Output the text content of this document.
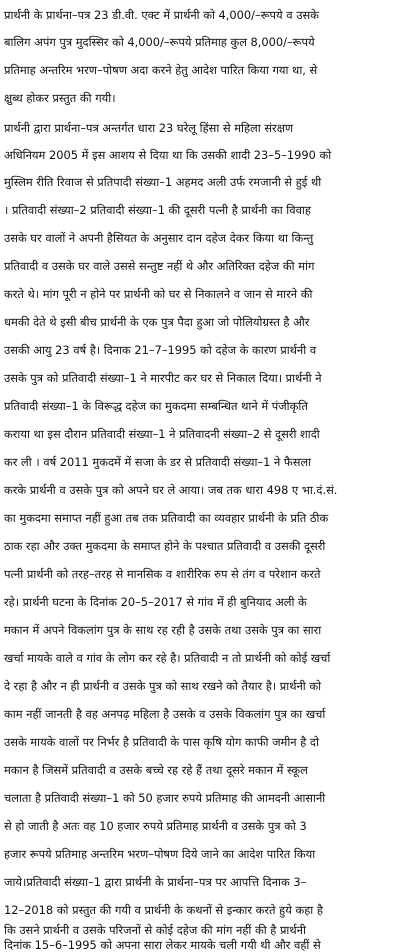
प्रार्थनी के प्रार्थना–पत्र 23 डी.वी. एक्ट में प्रार्थनी को 4,000/–रूपये व उसके
बालिग अपंग पुत्र मुदस्सिर को 4,000/–रूपये प्रतिमाह कुल 8,000/–रूपये
प्रतिमाह अन्तरिम भरण–पोषण अदा करने हेतु आदेश पारित किया गया था, से
क्षुब्ध होकर प्रस्तुत की गयी।
प्रार्थनी द्वारा प्रार्थना–पत्र अन्तर्गत धारा 23 घरेलू हिंसा से महिला संरक्षण
अधिनियम 2005 में इस आशय से दिया था कि उसकी शादी 23–5–1990 को
मुस्लिम रीति रिवाज से प्रतिपादी संख्या–1 अहमद अली उर्फ रमजानी से हुई थी
। प्रतिवादी संख्या–2 प्रतिवादी संख्या–1 की दूसरी पत्नी है प्रार्थनी का विवाह
उसके घर वालों ने अपनी हैसियत के अनुसार दान दहेज देकर किया था किन्तु
प्रतिवादी व उसके घर वाले उससे सन्तुष्ट नहीं थे और अतिरिक्त दहेज की मांग
करते थे। मांग पूरी न होने पर प्रार्थनी को घर से निकालने व जान से मारने की
धमकी देते थे इसी बीच प्रार्थनी के एक पुत्र पैदा हुआ जो पोलियोग्रस्त है और
उसकी आयु 23 वर्ष है। दिनाक 21–7–1995 को दहेज के कारण प्रार्थनी व
उसके पुत्र को प्रतिवादी संख्या–1 ने मारपीट कर घर से निकाल दिया। प्रार्थनी ने
प्रतिवादी संख्या–1 के विरूद्ध दहेज का मुकदमा सम्बन्धित थाने में पंजीकृति
कराया था इस दौरान प्रतिवादी संख्या–1 ने प्रतिवादनी संख्या–2 से दूसरी शादी
कर ली । वर्ष 2011 मुकदमें में सजा के डर से प्रतिवादी संख्या–1 ने फैसला
करके प्रार्थनी व उसके पुत्र को अपने घर ले आया। जब तक धारा 498 ए भा.दं.सं.
का मुकदमा समाप्त नहीं हुआ तब तक प्रतिवादी का व्यवहार प्रार्थनी के प्रति ठीक
ठाक रहा और उक्त मुकदमा के समाप्त होने के पश्चात प्रतिवादी व उसकी दूसरी
पत्नी प्रार्थनी को तरह–तरह से मानसिक व शारीरिक रुप से तंग व परेशान करते
रहे। प्रार्थनी घटना के दिनांक 20–5–2017 से गांव में ही बुनियाद अली के
मकान में अपने विकलांग पुत्र के साथ रह रही है उसके तथा उसके पुत्र का सारा
खर्चा मायके वाले व गांव के लोग कर रहे है। प्रतिवादी न तो प्रार्थनी को कोई खर्चा
दे रहा है और न ही प्रार्थनी व उसके पुत्र को साथ रखने को तैयार है। प्रार्थनी को
काम नहीं जानती है वह अनपढ़ महिला है उसके व उसके विकलांग पुत्र का खर्चा
उसके मायके वालों पर निर्भर है प्रतिवादी के पास कृषि योग काफी जमीन है दो
मकान है जिसमें प्रतिवादी व उसके बच्चे रह रहे हैं तथा दूसरे मकान में स्कूल
चलाता है प्रतिवादी संख्या–1 को 50 हजार रुपये प्रतिमाह की आमदनी आसानी
से हो जाती है अतः वह 10 हजार रुपये प्रतिमाह प्रार्थनी व उसके पुत्र को 3
हजार रूपये प्रतिमाह अन्तरिम भरण–पोषण दिये जाने का आदेश पारित किया
जाये।प्रतिवादी संख्या–1 द्वारा प्रार्थनी के प्रार्थना–पत्र पर आपत्ति दिनाक 3–
12–2018 को प्रस्तुत की गयी व प्रार्थनी के कथनों से इन्कार करते हुये कहा है
कि उसने प्रार्थनी व उसके परिजनों से कोई दहेज की मांग नहीं की है प्रार्थनी
दिनांक 15–6–1995 को अपना सारा लेकर मायके चली गयी थी और वहीं से
